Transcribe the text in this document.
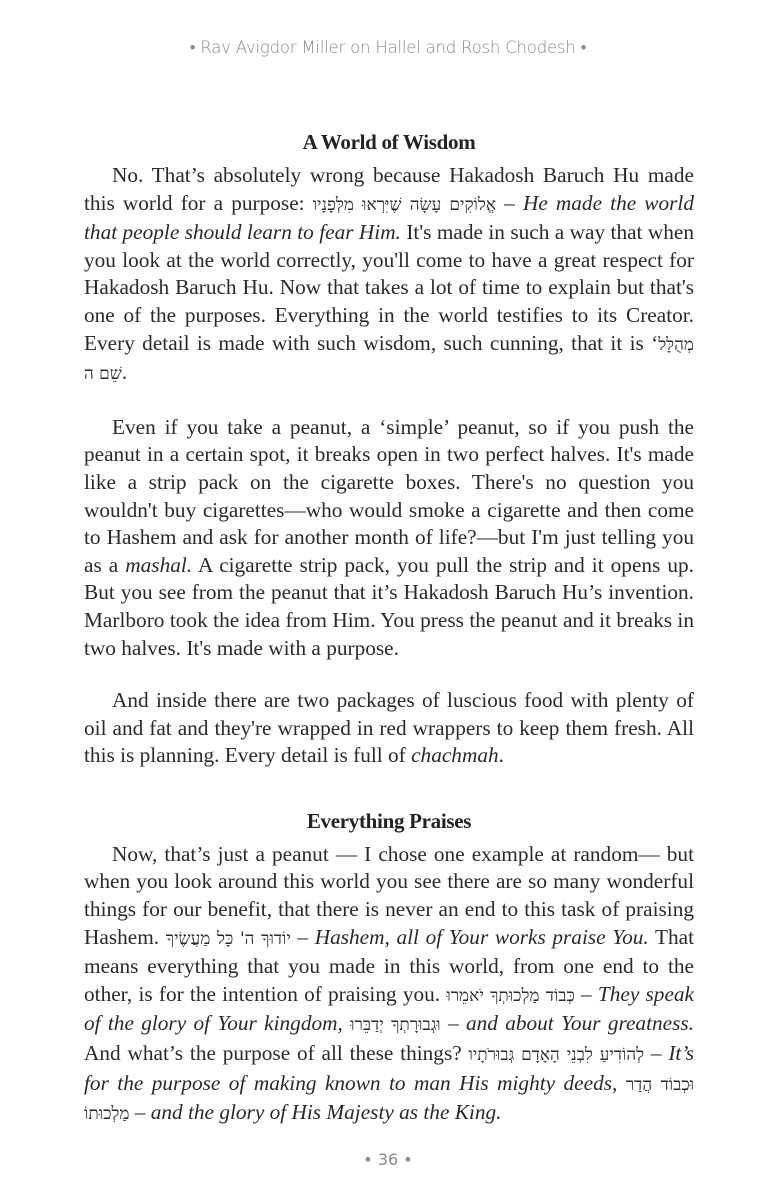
• Rav Avigdor Miller on Hallel and Rosh Chodesh •
A World of Wisdom

No. That’s absolutely wrong because Hakadosh Baruch Hu made this world for a purpose: אֱלוֹקִים עָשָׂה שֶׁיִּרְאוּ מִלְּפָנָיו – He made the world that people should learn to fear Him. It's made in such a way that when you look at the world correctly, you'll come to have a great respect for Hakadosh Baruch Hu. Now that takes a lot of time to explain but that's one of the purposes. Everything in the world testifies to its Creator. Every detail is made with such wisdom, such cunning, that it is ‘מְהֻלָּל שֵׁם ה.

Even if you take a peanut, a ‘simple’ peanut, so if you push the peanut in a certain spot, it breaks open in two perfect halves. It's made like a strip pack on the cigarette boxes. There's no question you wouldn't buy cigarettes—who would smoke a cigarette and then come to Hashem and ask for another month of life?—but I'm just telling you as a mashal. A cigarette strip pack, you pull the strip and it opens up. But you see from the peanut that it’s Hakadosh Baruch Hu’s invention. Marlboro took the idea from Him. You press the peanut and it breaks in two halves. It's made with a purpose.

And inside there are two packages of luscious food with plenty of oil and fat and they're wrapped in red wrappers to keep them fresh. All this is planning. Every detail is full of chachmah.

Everything Praises

Now, that’s just a peanut — I chose one example at random— but when you look around this world you see there are so many wonderful things for our benefit, that there is never an end to this task of praising Hashem. יוֹדוּךָ ה' כָּל מַעֲשֶׂיךָ – Hashem, all of Your works praise You. That means everything that you made in this world, from one end to the other, is for the intention of praising you. כְּבוֹד מַלְכוּתְךָ יֹאמֵרוּ – They speak of the glory of Your kingdom, וּגְבוּרָתְךָ יְדַבֵּרוּ – and about Your greatness. And what’s the purpose of all these things? לְהוֹדִיעַ לִבְנֵי הָאָדָם גְּבוּרֹתָיו – It’s for the purpose of making known to man His mighty deeds, וּכְבוֹד הֲדַר מַלְכוּתוֹ – and the glory of His Majesty as the King.

• 36 •
